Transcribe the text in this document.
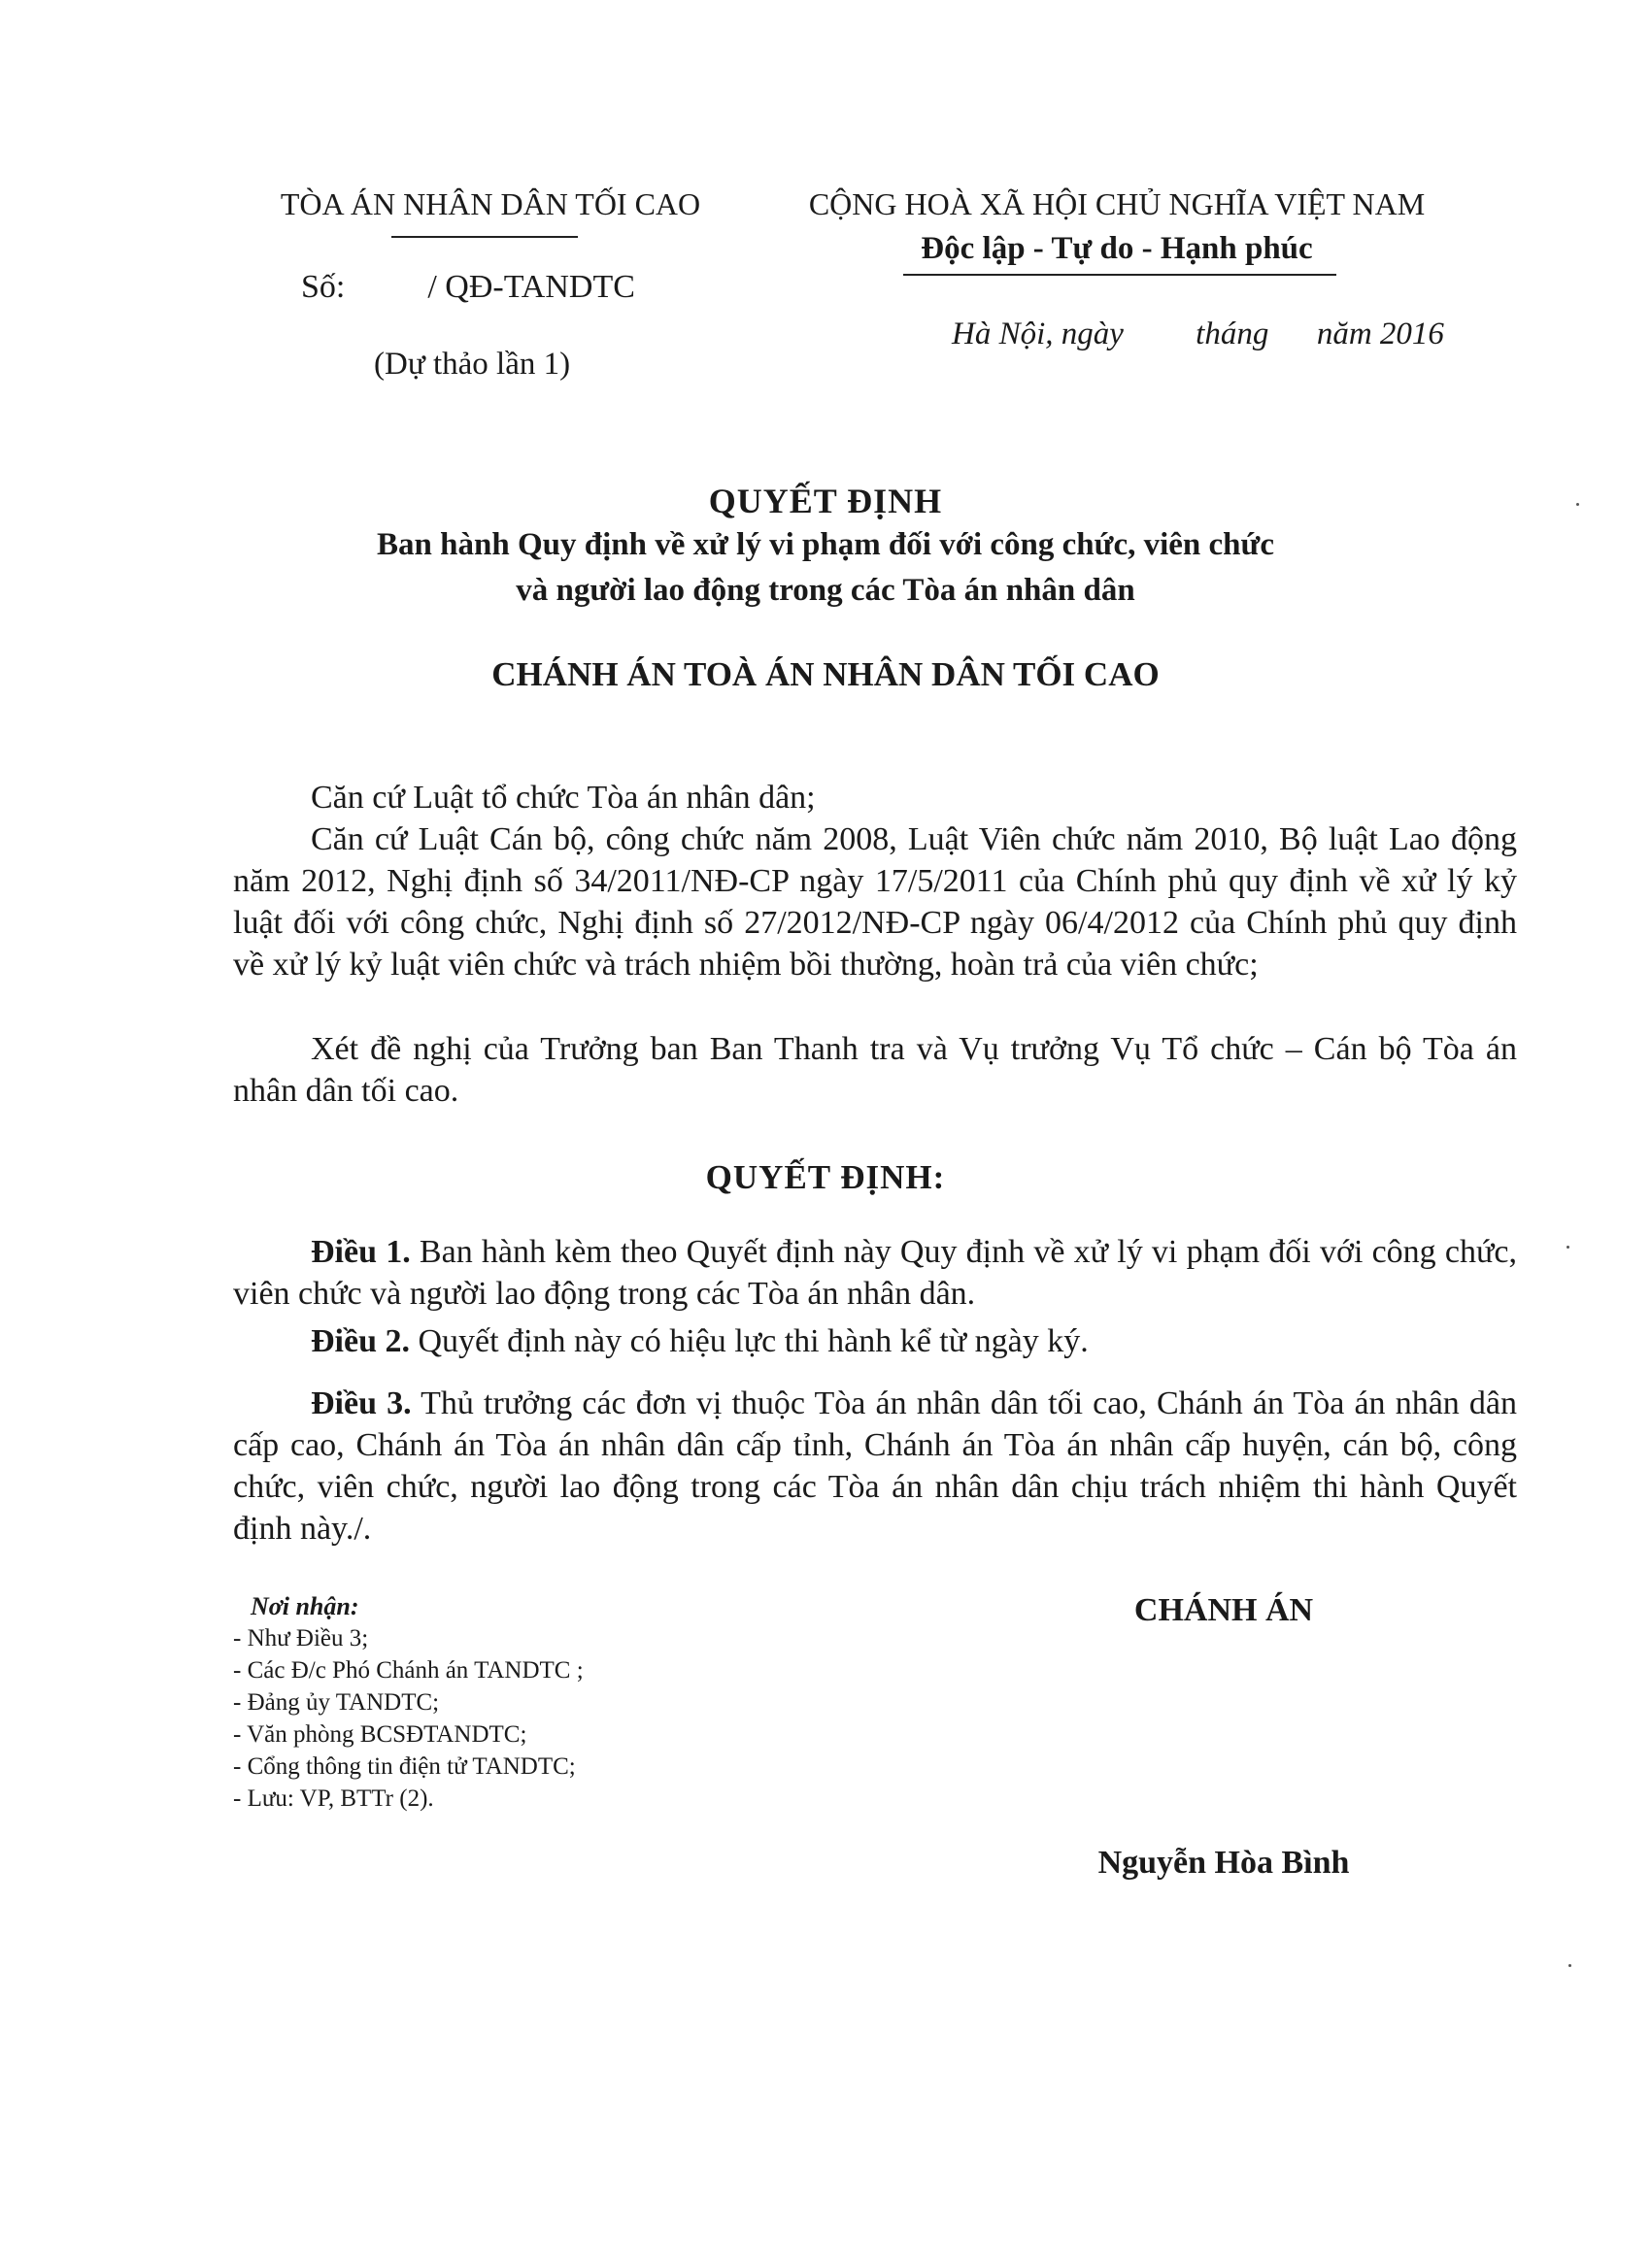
TÒA ÁN NHÂN DÂN TỐI CAO
Số:          / QĐ-TANDTC
(Dự thảo lần 1)
CỘNG HOÀ XÃ HỘI CHỦ NGHĨA VIỆT NAM
Độc lập - Tự do - Hạnh phúc
Hà Nội, ngày         tháng      năm 2016
QUYẾT ĐỊNH
Ban hành Quy định về xử lý vi phạm đối với công chức, viên chức
và người lao động trong các Tòa án nhân dân
CHÁNH ÁN TOÀ ÁN NHÂN DÂN TỐI CAO
Căn cứ Luật tổ chức Tòa án nhân dân;
Căn cứ Luật Cán bộ, công chức năm 2008, Luật Viên chức năm 2010, Bộ luật Lao động năm 2012, Nghị định số 34/2011/NĐ-CP ngày 17/5/2011 của Chính phủ quy định về xử lý kỷ luật đối với công chức, Nghị định số 27/2012/NĐ-CP ngày 06/4/2012 của Chính phủ quy định về xử lý kỷ luật viên chức và trách nhiệm bồi thường, hoàn trả của viên chức;
Xét đề nghị của Trưởng ban Ban Thanh tra và Vụ trưởng Vụ Tổ chức – Cán bộ Tòa án nhân dân tối cao.
QUYẾT ĐỊNH:
Điều 1. Ban hành kèm theo Quyết định này Quy định về xử lý vi phạm đối với công chức, viên chức và người lao động trong các Tòa án nhân dân.
Điều 2. Quyết định này có hiệu lực thi hành kể từ ngày ký.
Điều 3. Thủ trưởng các đơn vị thuộc Tòa án nhân dân tối cao, Chánh án Tòa án nhân dân cấp cao, Chánh án Tòa án nhân dân cấp tỉnh, Chánh án Tòa án nhân cấp huyện, cán bộ, công chức, viên chức, người lao động trong các Tòa án nhân dân chịu trách nhiệm thi hành Quyết định này./.
Nơi nhận:
- Như Điều 3;
- Các Đ/c Phó Chánh án TANDTC ;
- Đảng ủy TANDTC;
- Văn phòng BCSĐTANDTC;
- Cổng thông tin điện tử TANDTC;
- Lưu: VP, BTTr (2).
CHÁNH ÁN
Nguyễn Hòa Bình
